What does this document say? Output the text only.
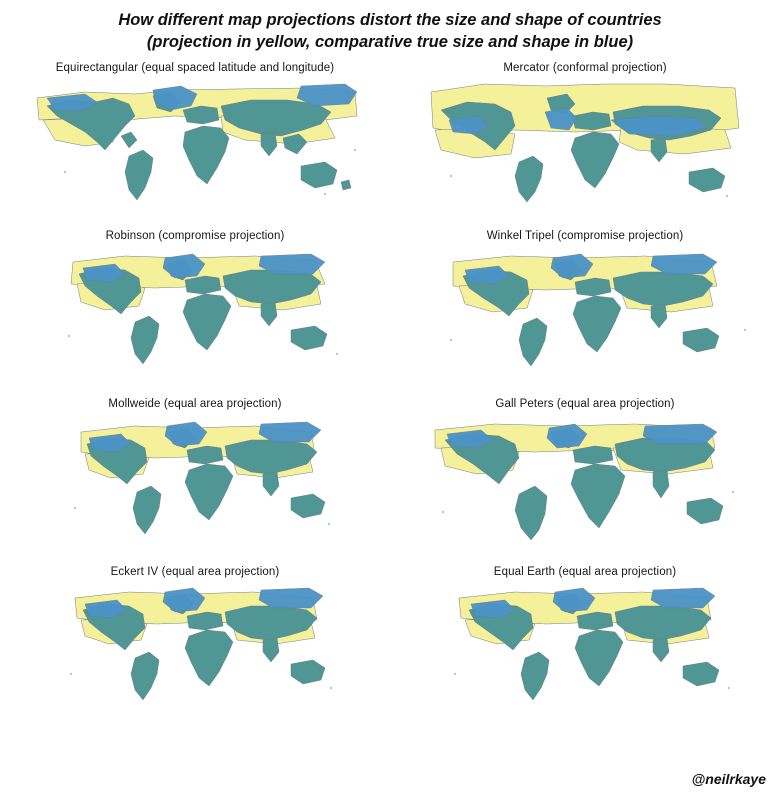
How different map projections distort the size and shape of countries
(projection in yellow, comparative true size and shape in blue)
Equirectangular (equal spaced latitude and longitude)	Mercator (conformal projection)
Robinson (compromise projection)	Winkel Tripel (compromise projection)
Mollweide (equal area projection)	Gall Peters (equal area projection)
Eckert IV (equal area projection)	Equal Earth (equal area projection)
@neilrkaye
